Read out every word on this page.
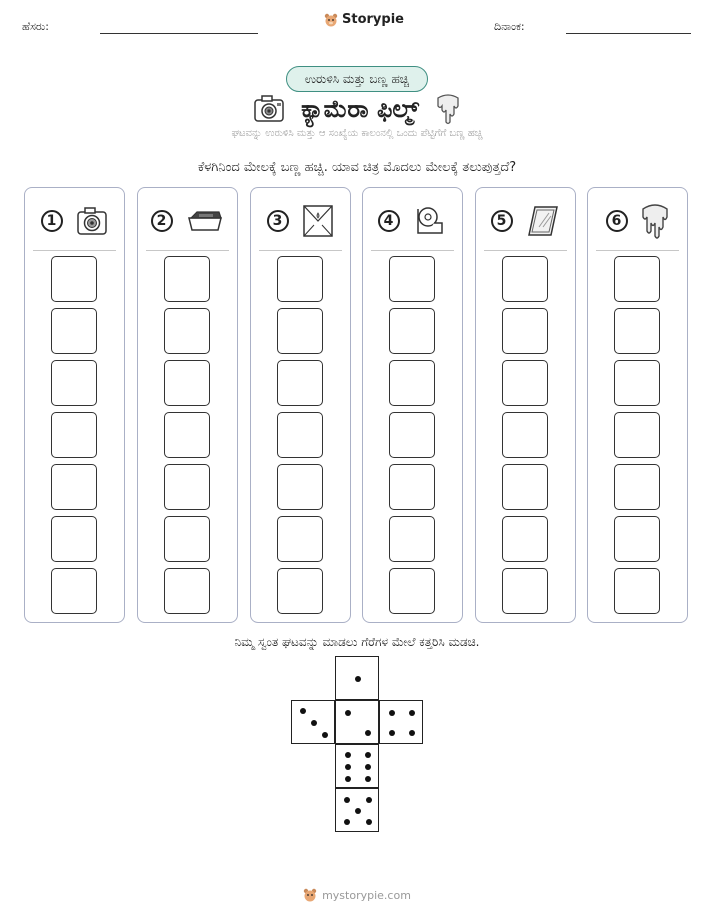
ಹೆಸರು:	Storypie	ದಿನಾಂಕ:
ಉರುಳಿಸಿ ಮತ್ತು ಬಣ್ಣ ಹಚ್ಚಿ
ಕ್ಯಾಮೆರಾ ಫಿಲ್ಮ್
ಘಟವನ್ನು ಉರುಳಿಸಿ ಮತ್ತು ಆ ಸಂಖ್ಯೆಯ ಕಾಲಂನಲ್ಲಿ ಒಂದು ಪೆಟ್ಟಿಗೆಗೆ ಬಣ್ಣ ಹಚ್ಚಿ
ಕೆಳಗಿನಿಂದ ಮೇಲಕ್ಕೆ ಬಣ್ಣ ಹಚ್ಚಿ. ಯಾವ ಚಿತ್ರ ಮೊದಲು ಮೇಲಕ್ಕೆ ತಲುಪುತ್ತದೆ?
1	2	3	4	5	6
ನಿಮ್ಮ ಸ್ವಂತ ಘಟವನ್ನು ಮಾಡಲು ಗೆರೆಗಳ ಮೇಲೆ ಕತ್ತರಿಸಿ ಮಡಚಿ.
mystorypie.com
